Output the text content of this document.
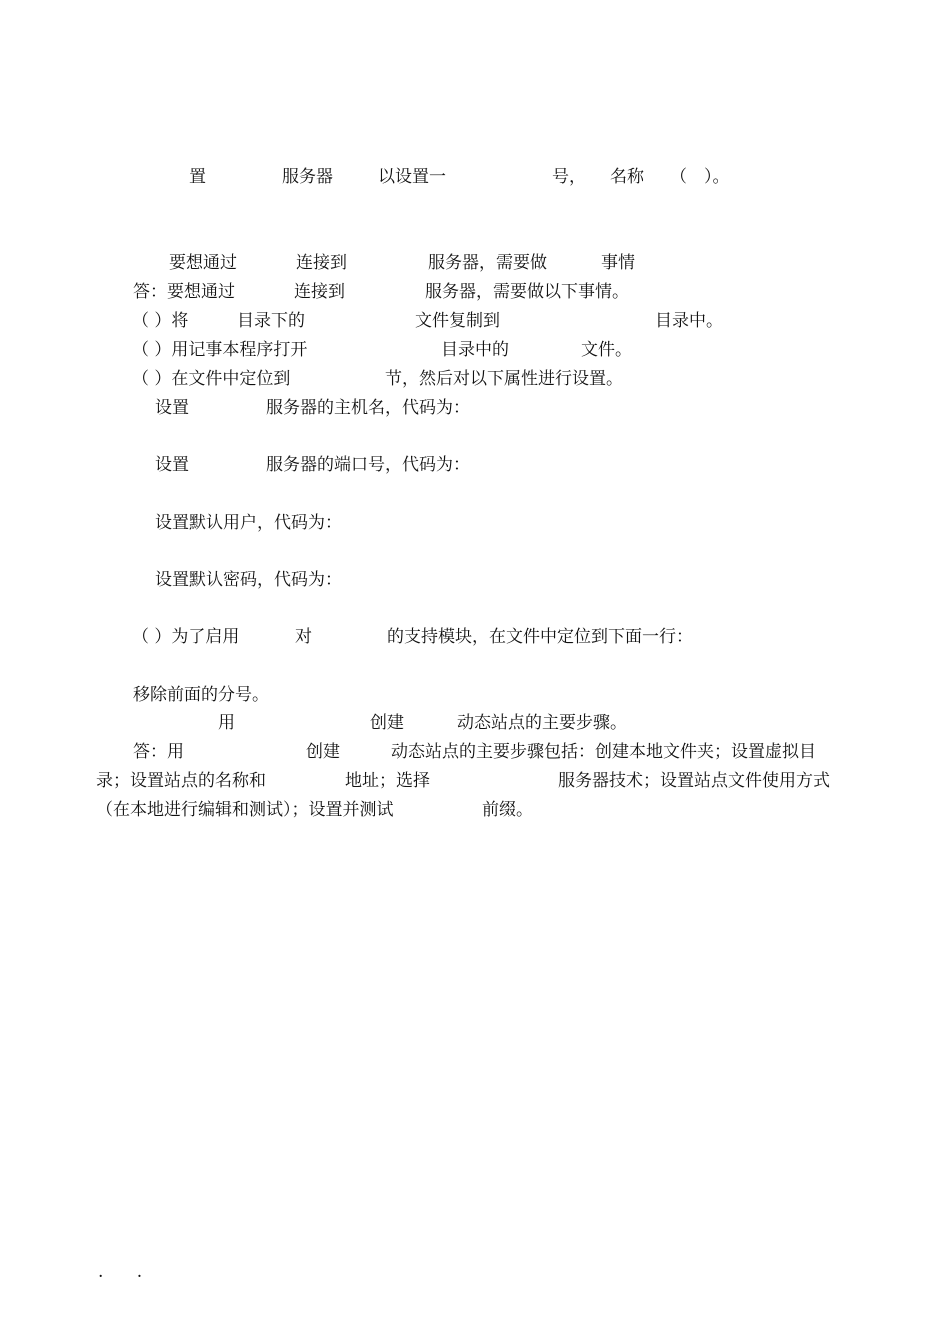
置	服务器	以设置一	号， 名称 （　）。
要想通过	连接到	服务器，需要做	事情
答：要想通过	连接到	服务器，需要做以下事情。
（ ）将	目录下的	文件复制到	目录中。
（ ）用记事本程序打开	目录中的	文件。
（ ）在文件中定位到	节，然后对以下属性进行设置。
设置	服务器的主机名，代码为：
设置	服务器的端口号，代码为：
设置默认用户，代码为：
设置默认密码，代码为：
（ ）为了启用	对	的支持模块，在文件中定位到下面一行：
移除前面的分号。
用	创建	动态站点的主要步骤。
答：用	创建	动态站点的主要步骤包括：创建本地文件夹；设置虚拟目
录；设置站点的名称和	地址；选择	服务器技术；设置站点文件使用方式
（在本地进行编辑和测试）；设置并测试	前缀。
. .
